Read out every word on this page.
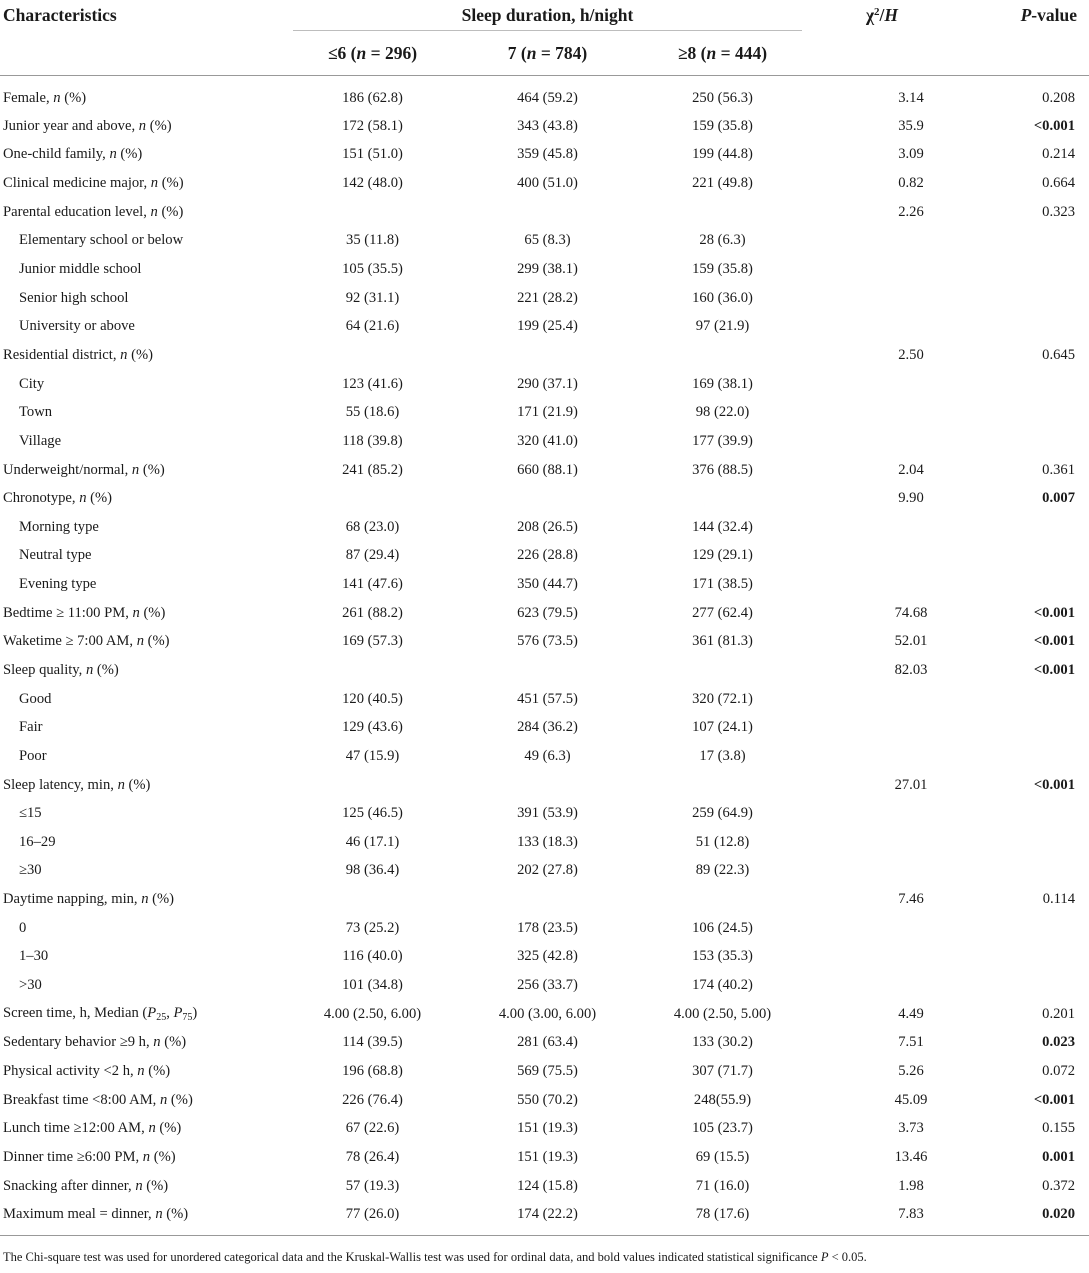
Characteristics	Sleep duration, h/night			$\chi^2/H$	P-value
	≤6 (n = 296)	7 (n = 784)	≥8 (n = 444)		
Female, n (%)	186 (62.8)	464 (59.2)	250 (56.3)	3.14	0.208
Junior year and above, n (%)	172 (58.1)	343 (43.8)	159 (35.8)	35.9	<0.001
One-child family, n (%)	151 (51.0)	359 (45.8)	199 (44.8)	3.09	0.214
Clinical medicine major, n (%)	142 (48.0)	400 (51.0)	221 (49.8)	0.82	0.664
Parental education level, n (%)				2.26	0.323
Elementary school or below	35 (11.8)	65 (8.3)	28 (6.3)		
Junior middle school	105 (35.5)	299 (38.1)	159 (35.8)		
Senior high school	92 (31.1)	221 (28.2)	160 (36.0)		
University or above	64 (21.6)	199 (25.4)	97 (21.9)		
Residential district, n (%)				2.50	0.645
City	123 (41.6)	290 (37.1)	169 (38.1)		
Town	55 (18.6)	171 (21.9)	98 (22.0)		
Village	118 (39.8)	320 (41.0)	177 (39.9)		
Underweight/normal, n (%)	241 (85.2)	660 (88.1)	376 (88.5)	2.04	0.361
Chronotype, n (%)				9.90	0.007
Morning type	68 (23.0)	208 (26.5)	144 (32.4)		
Neutral type	87 (29.4)	226 (28.8)	129 (29.1)		
Evening type	141 (47.6)	350 (44.7)	171 (38.5)		
Bedtime ≥ 11:00 PM, n (%)	261 (88.2)	623 (79.5)	277 (62.4)	74.68	<0.001
Waketime ≥ 7:00 AM, n (%)	169 (57.3)	576 (73.5)	361 (81.3)	52.01	<0.001
Sleep quality, n (%)				82.03	<0.001
Good	120 (40.5)	451 (57.5)	320 (72.1)		
Fair	129 (43.6)	284 (36.2)	107 (24.1)		
Poor	47 (15.9)	49 (6.3)	17 (3.8)		
Sleep latency, min, n (%)				27.01	<0.001
≤15	125 (46.5)	391 (53.9)	259 (64.9)		
16–29	46 (17.1)	133 (18.3)	51 (12.8)		
≥30	98 (36.4)	202 (27.8)	89 (22.3)		
Daytime napping, min, n (%)				7.46	0.114
0	73 (25.2)	178 (23.5)	106 (24.5)		
1–30	116 (40.0)	325 (42.8)	153 (35.3)		
>30	101 (34.8)	256 (33.7)	174 (40.2)		
Screen time, h, Median ($P_{25}$, $P_{75}$)	4.00 (2.50, 6.00)	4.00 (3.00, 6.00)	4.00 (2.50, 5.00)	4.49	0.201
Sedentary behavior ≥9 h, n (%)	114 (39.5)	281 (63.4)	133 (30.2)	7.51	0.023
Physical activity <2 h, n (%)	196 (68.8)	569 (75.5)	307 (71.7)	5.26	0.072
Breakfast time <8:00 AM, n (%)	226 (76.4)	550 (70.2)	248(55.9)	45.09	<0.001
Lunch time ≥12:00 AM, n (%)	67 (22.6)	151 (19.3)	105 (23.7)	3.73	0.155
Dinner time ≥6:00 PM, n (%)	78 (26.4)	151 (19.3)	69 (15.5)	13.46	0.001
Snacking after dinner, n (%)	57 (19.3)	124 (15.8)	71 (16.0)	1.98	0.372
Maximum meal = dinner, n (%)	77 (26.0)	174 (22.2)	78 (17.6)	7.83	0.020
The Chi-square test was used for unordered categorical data and the Kruskal-Wallis test was used for ordinal data, and bold values indicated statistical significance P < 0.05.
